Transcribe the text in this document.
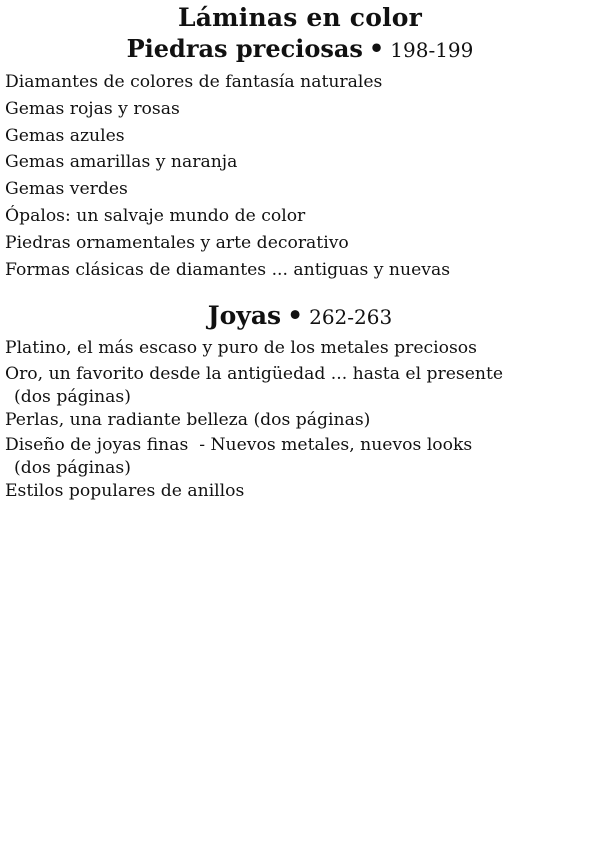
Láminas en color
Piedras preciosas • 198-199
Diamantes de colores de fantasía naturales
Gemas rojas y rosas
Gemas azules
Gemas amarillas y naranja
Gemas verdes
Ópalos: un salvaje mundo de color
Piedras ornamentales y arte decorativo
Formas clásicas de diamantes ... antiguas y nuevas
Joyas • 262-263
Platino, el más escaso y puro de los metales preciosos
Oro, un favorito desde la antigüedad ... hasta el presente
(dos páginas)
Perlas, una radiante belleza (dos páginas)
Diseño de joyas finas  - Nuevos metales, nuevos looks
(dos páginas)
Estilos populares de anillos
